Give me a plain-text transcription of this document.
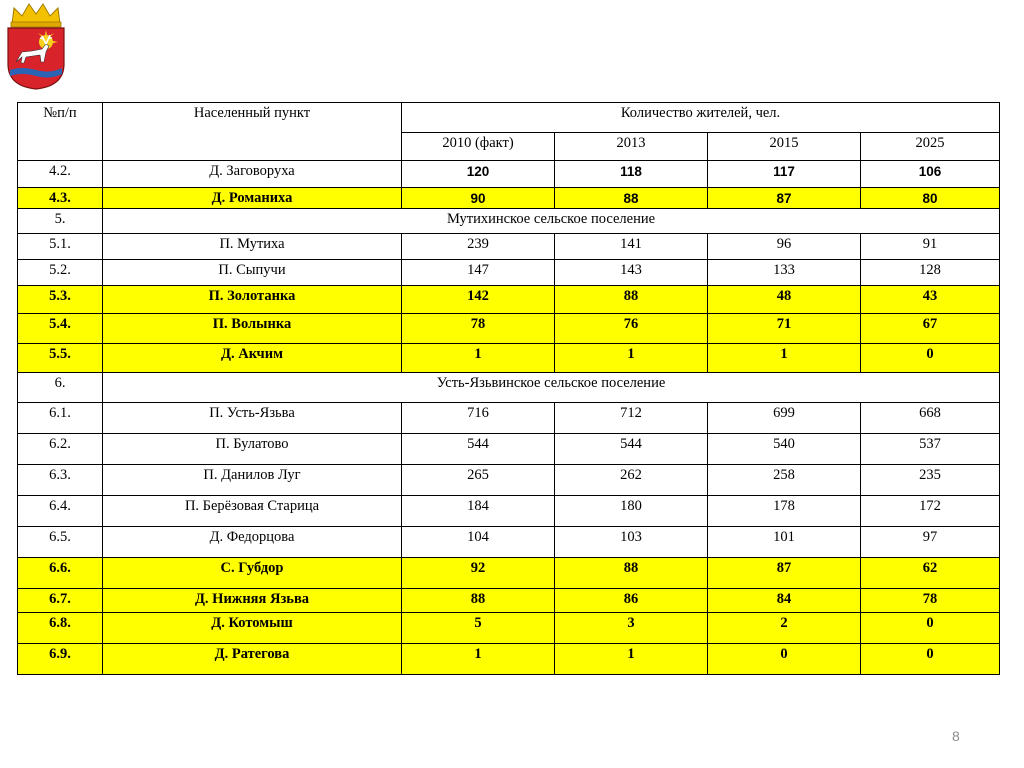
№п/п	Населенный пункт	Количество жителей, чел.			
		2010 (факт)	2013	2015	2025
4.2.	Д. Заговоруха	120	118	117	106
4.3.	Д. Романиха	90	88	87	80
5.	Мутихинское сельское поселение				
5.1.	П. Мутиха	239	141	96	91
5.2.	П. Сыпучи	147	143	133	128
5.3.	П. Золотанка	142	88	48	43
5.4.	П. Волынка	78	76	71	67
5.5.	Д. Акчим	1	1	1	0
6.	Усть-Язьвинское сельское поселение				
6.1.	П. Усть-Язьва	716	712	699	668
6.2.	П. Булатово	544	544	540	537
6.3.	П. Данилов Луг	265	262	258	235
6.4.	П. Берёзовая Старица	184	180	178	172
6.5.	Д. Федорцова	104	103	101	97
6.6.	С. Губдор	92	88	87	62
6.7.	Д. Нижняя Язьва	88	86	84	78
6.8.	Д. Котомыш	5	3	2	0
6.9.	Д. Ратегова	1	1	0	0
8
